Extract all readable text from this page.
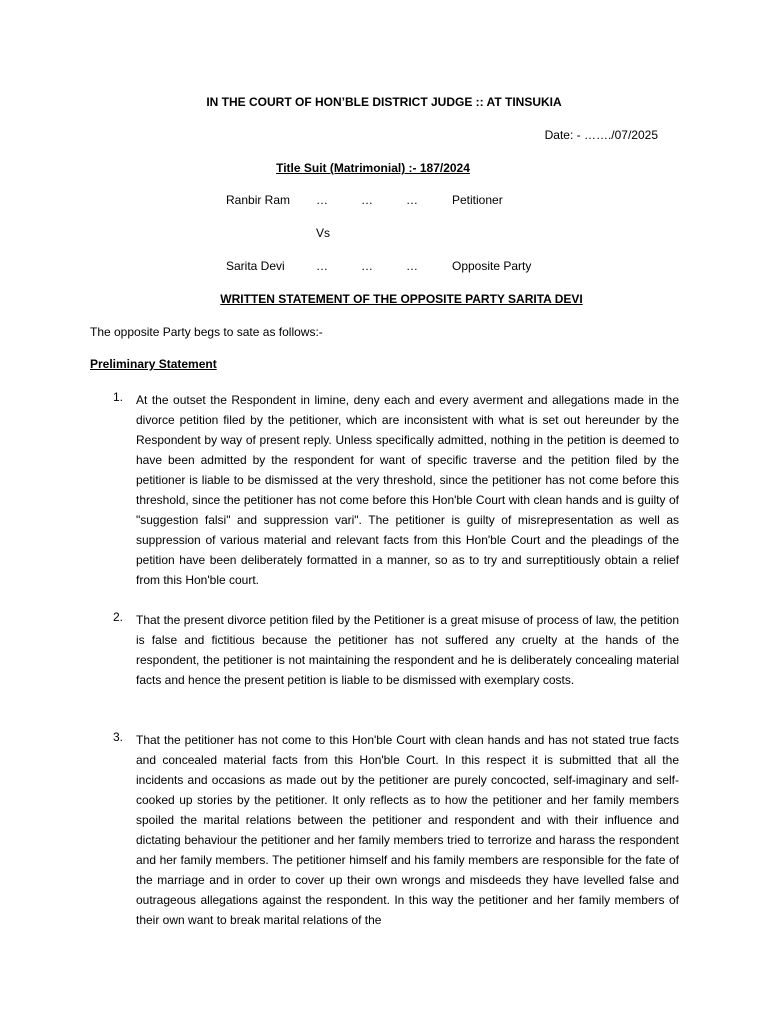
IN THE COURT OF HON’BLE DISTRICT JUDGE :: AT TINSUKIA
Date: - ……./07/2025
Title Suit (Matrimonial) :- 187/2024
Ranbir Ram …	…	…	Petitioner
Vs
Sarita Devi	…	…	…	Opposite Party
WRITTEN STATEMENT OF THE OPPOSITE PARTY SARITA DEVI
The opposite Party begs to sate as follows:-
Preliminary Statement
1. At the outset the Respondent in limine, deny each and every averment and allegations made in the divorce petition filed by the petitioner, which are inconsistent with what is set out hereunder by the Respondent by way of present reply. Unless specifically admitted, nothing in the petition is deemed to have been admitted by the respondent for want of specific traverse and the petition filed by the petitioner is liable to be dismissed at the very threshold, since the petitioner has not come before this threshold, since the petitioner has not come before this Hon'ble Court with clean hands and is guilty of "suggestion falsi" and suppression vari". The petitioner is guilty of misrepresentation as well as suppression of various material and relevant facts from this Hon'ble Court and the pleadings of the petition have been deliberately formatted in a manner, so as to try and surreptitiously obtain a relief from this Hon'ble court.
2. That the present divorce petition filed by the Petitioner is a great misuse of process of law, the petition is false and fictitious because the petitioner has not suffered any cruelty at the hands of the respondent, the petitioner is not maintaining the respondent and he is deliberately concealing material facts and hence the present petition is liable to be dismissed with exemplary costs.
3. That the petitioner has not come to this Hon'ble Court with clean hands and has not stated true facts and concealed material facts from this Hon'ble Court. In this respect it is submitted that all the incidents and occasions as made out by the petitioner are purely concocted, self-imaginary and self-cooked up stories by the petitioner. It only reflects as to how the petitioner and her family members spoiled the marital relations between the petitioner and respondent and with their influence and dictating behaviour the petitioner and her family members tried to terrorize and harass the respondent and her family members. The petitioner himself and his family members are responsible for the fate of the marriage and in order to cover up their own wrongs and misdeeds they have levelled false and outrageous allegations against the respondent. In this way the petitioner and her family members of their own want to break marital relations of the
